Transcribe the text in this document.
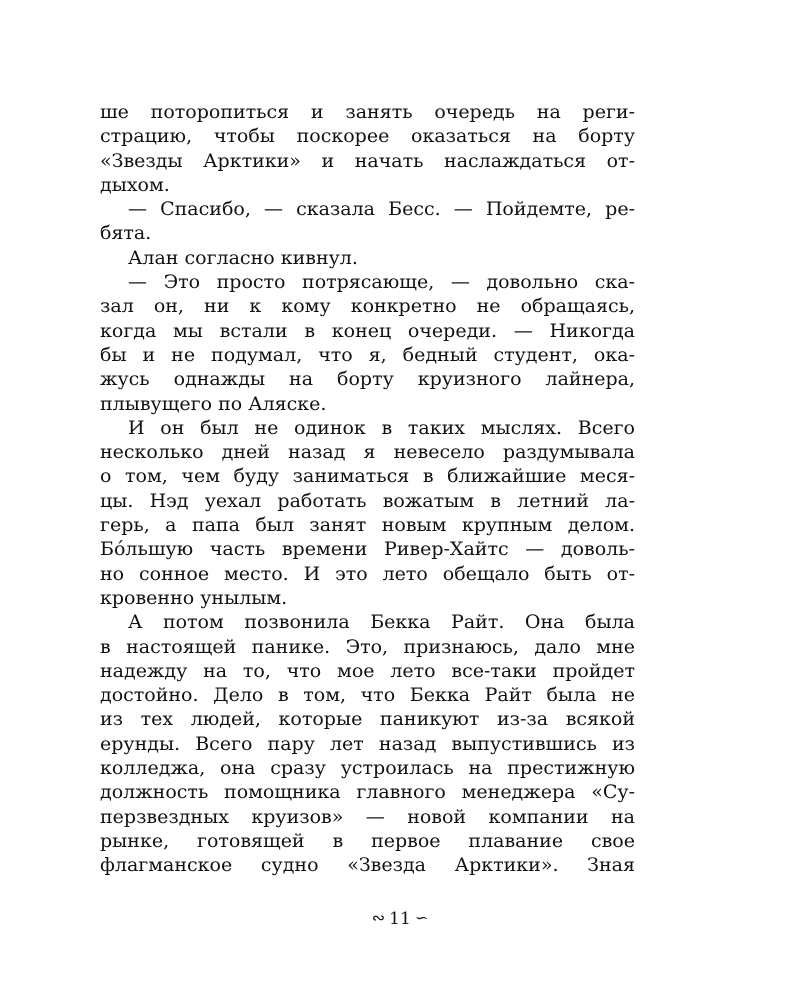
ше поторопиться и занять очередь на реги-
страцию, чтобы поскорее оказаться на борту
«Звезды Арктики» и начать наслаждаться от-
дыхом.
— Спасибо, — сказала Бесс. — Пойдемте, ре-
бята.
Алан согласно кивнул.
— Это просто потрясающе, — довольно ска-
зал он, ни к кому конкретно не обращаясь,
когда мы встали в конец очереди. — Никогда
бы и не подумал, что я, бедный студент, ока-
жусь однажды на борту круизного лайнера,
плывущего по Аляске.
И он был не одинок в таких мыслях. Всего
несколько дней назад я невесело раздумывала
о том, чем буду заниматься в ближайшие меся-
цы. Нэд уехал работать вожатым в летний ла-
герь, а папа был занят новым крупным делом.
Бо́льшую часть времени Ривер-Хайтс — доволь-
но сонное место. И это лето обещало быть от-
кровенно унылым.
А потом позвонила Бекка Райт. Она была
в настоящей панике. Это, признаюсь, дало мне
надежду на то, что мое лето все-таки пройдет
достойно. Дело в том, что Бекка Райт была не
из тех людей, которые паникуют из-за всякой
ерунды. Всего пару лет назад выпустившись из
колледжа, она сразу устроилась на престижную
должность помощника главного менеджера «Су-
перзвездных круизов» — новой компании на
рынке, готовящей в первое плавание свое
флагманское судно «Звезда Арктики». Зная
∾ 11 ∽
